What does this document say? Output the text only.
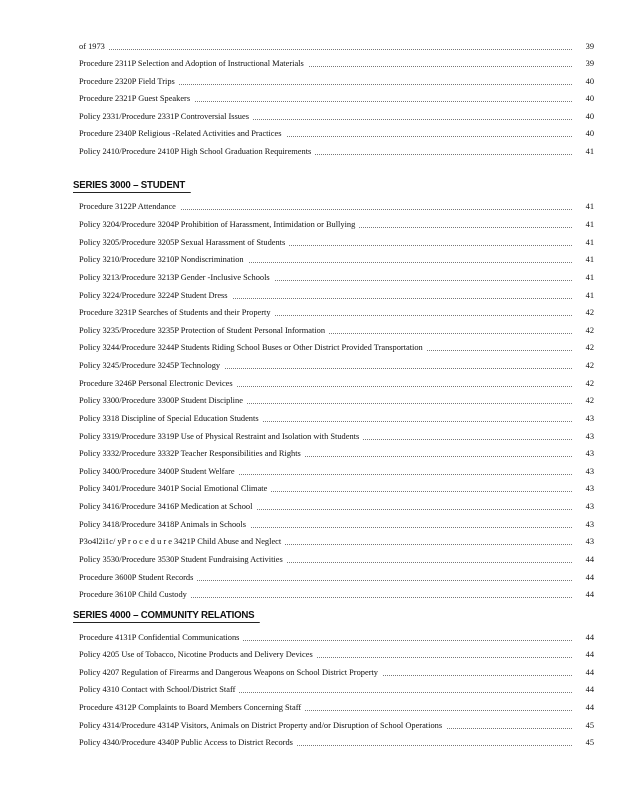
of 1973	39
Procedure 2311P Selection and Adoption of Instructional Materials	39
Procedure 2320P Field Trips	40
Procedure 2321P Guest Speakers	40
Policy 2331/Procedure 2331P Controversial Issues	40
Procedure 2340P Religious -Related Activities and Practices	40
Policy 2410/Procedure 2410P High School Graduation Requirements	41
SERIES 3000 – STUDENT
Procedure 3122P Attendance	41
Policy 3204/Procedure 3204P Prohibition of Harassment, Intimidation or Bullying	41
Policy 3205/Procedure 3205P Sexual Harassment of Students	41
Policy 3210/Procedure 3210P Nondiscrimination	41
Policy 3213/Procedure 3213P Gender -Inclusive Schools	41
Policy 3224/Procedure 3224P Student Dress	41
Procedure 3231P Searches of Students and their Property	42
Policy 3235/Procedure 3235P Protection of Student Personal Information	42
Policy 3244/Procedure 3244P Students Riding School Buses or Other District Provided Transportation	42
Policy 3245/Procedure 3245P Technology	42
Procedure 3246P Personal Electronic Devices	42
Policy 3300/Procedure 3300P Student Discipline	42
Policy 3318 Discipline of Special Education Students	43
Policy 3319/Procedure 3319P Use of Physical Restraint and Isolation with Students	43
Policy 3332/Procedure 3332P Teacher Responsibilities and Rights	43
Policy 3400/Procedure 3400P Student Welfare	43
Policy 3401/Procedure 3401P Social Emotional Climate	43
Policy 3416/Procedure 3416P Medication at School	43
Policy 3418/Procedure 3418P Animals in Schools	43
P3o4l2i1c/ yP r o c e d u r e 3421P Child Abuse and Neglect	43
Policy 3530/Procedure 3530P Student Fundraising Activities	44
Procedure 3600P Student Records	44
Procedure 3610P Child Custody	44
SERIES 4000 – COMMUNITY RELATIONS
Procedure 4131P Confidential Communications	44
Policy 4205 Use of Tobacco, Nicotine Products and Delivery Devices	44
Policy 4207 Regulation of Firearms and Dangerous Weapons on School District Property	44
Policy 4310 Contact with School/District Staff	44
Procedure 4312P Complaints to Board Members Concerning Staff	44
Policy 4314/Procedure 4314P Visitors, Animals on District Property and/or Disruption of School Operations	45
Policy 4340/Procedure 4340P Public Access to District Records	45
